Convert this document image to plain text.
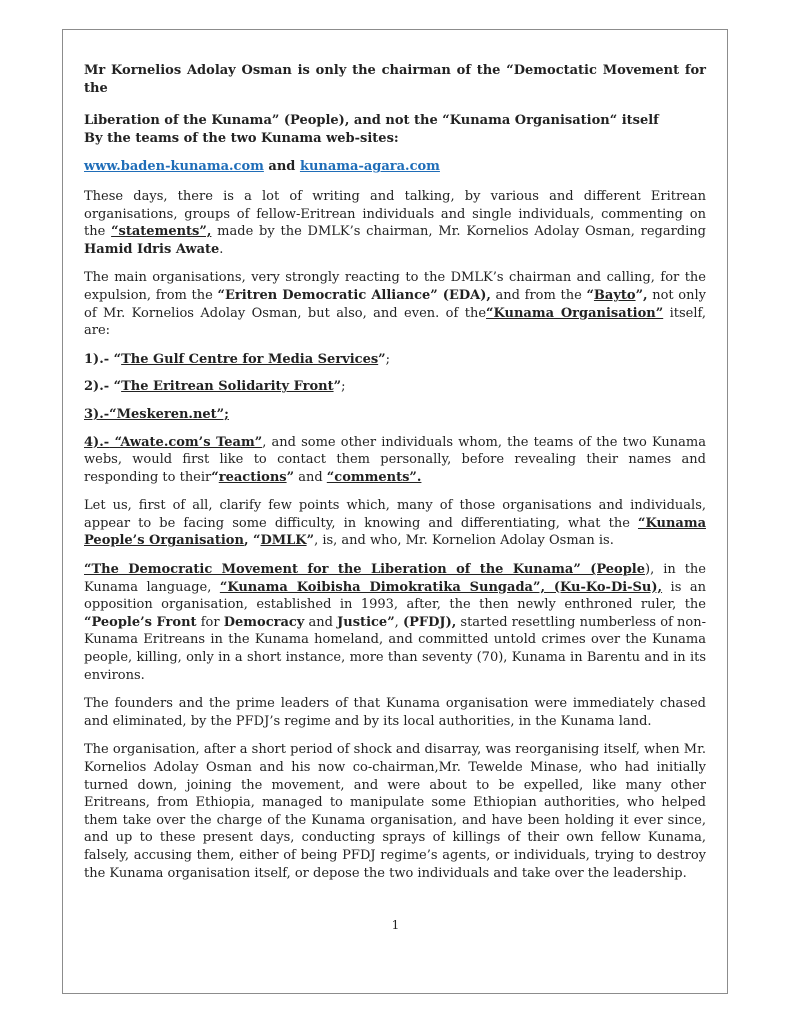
Mr Kornelios Adolay Osman is only the chairman of the “Democtatic Movement for the

Liberation of the Kunama” (People), and not the “Kunama Organisation“ itself

By the teams of the two Kunama web-sites:

www.baden-kunama.com and kunama-agara.com

These days, there is a lot of writing and talking, by various and different Eritrean organisations, groups of fellow-Eritrean individuals and single individuals, commenting on the “statements”, made by the DMLK’s chairman, Mr. Kornelios Adolay Osman, regarding Hamid Idris Awate.

The main organisations, very strongly reacting to the DMLK’s chairman and calling, for the expulsion, from the “Eritren Democratic Alliance” (EDA), and from the “Bayto”, not only of Mr. Kornelios Adolay Osman, but also, and even. of the“Kunama Organisation” itself, are:

1).- “The Gulf Centre for Media Services”;

2).- “The Eritrean Solidarity Front”;

3).-“Meskeren.net”;

4).- “Awate.com’s Team”, and some other individuals whom, the teams of the two Kunama webs, would first like to contact them personally, before revealing their names and responding to their“reactions” and “comments”.

Let us, first of all, clarify few points which, many of those organisations and individuals, appear to be facing some difficulty, in knowing and differentiating, what the “Kunama People’s Organisation, “DMLK”, is, and who, Mr. Kornelion Adolay Osman is.

“The Democratic Movement for the Liberation of the Kunama” (People), in the Kunama language, “Kunama Koibisha Dimokratika Sungada”, (Ku-Ko-Di-Su), is an opposition organisation, established in 1993, after, the then newly enthroned ruler, the “People’s Front for Democracy and Justice”, (PFDJ), started resettling numberless of non-Kunama Eritreans in the Kunama homeland, and committed untold crimes over the Kunama people, killing, only in a short instance, more than seventy (70), Kunama in Barentu and in its environs.

The founders and the prime leaders of that Kunama organisation were immediately chased and eliminated, by the PFDJ’s regime and by its local authorities, in the Kunama land.

The organisation, after a short period of shock and disarray, was reorganising itself, when Mr. Kornelios Adolay Osman and his now co-chairman,Mr. Tewelde Minase, who had initially turned down, joining the movement, and were about to be expelled, like many other Eritreans, from Ethiopia, managed to manipulate some Ethiopian authorities, who helped them take over the charge of the Kunama organisation, and have been holding it ever since, and up to these present days, conducting sprays of killings of their own fellow Kunama, falsely, accusing them, either of being PFDJ regime’s agents, or individuals, trying to destroy the Kunama organisation itself, or depose the two individuals and take over the leadership.

1
